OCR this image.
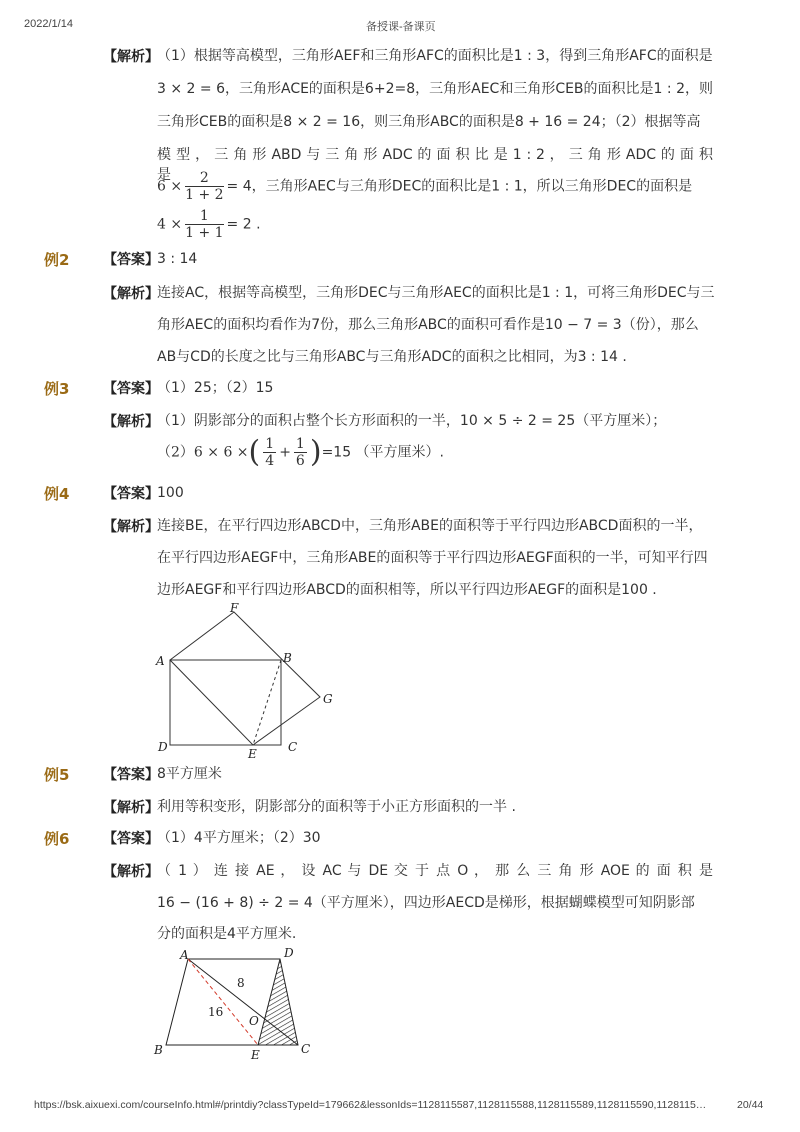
2022/1/14	备授课-备课页
【解析】
（1）根据等高模型，三角形AEF和三角形AFC的面积比是1 : 3，得到三角形AFC的面积是
3 × 2 = 6，三角形ACE的面积是6+2=8，三角形AEC和三角形CEB的面积比是1 : 2，则
三角形CEB的面积是8 × 2 = 16，则三角形ABC的面积是8 + 16 = 24；（2）根据等高
模 型 ， 三 角 形 ABD 与 三 角 形 ADC 的 面 积 比 是 1 : 2 ， 三 角 形 ADC 的 面 积 是
$6 \times \frac{2}{1 + 2} = 4$，三角形AEC与三角形DEC的面积比是1 : 1，所以三角形DEC的面积是
$4 \times \frac{1}{1 + 1} = 2$ .
例2 【答案】
3 : 14
【解析】
连接AC，根据等高模型，三角形DEC与三角形AEC的面积比是1 : 1，可将三角形DEC与三
角形AEC的面积均看作为7份，那么三角形ABC的面积可看作是10 − 7 = 3（份），那么
AB与CD的长度之比与三角形ABC与三角形ADC的面积之比相同，为3 : 14 .
例3 【答案】
（1）25；（2）15
【解析】
（1）阴影部分的面积占整个长方形面积的一半，10 × 5 ÷ 2 = 25（平方厘米）；
（2）6 × 6 ×( $\frac{1}{4} + \frac{1}{6} )=15$ （平方厘米）.
例4 【答案】
100
【解析】
连接BE，在平行四边形ABCD中，三角形ABE的面积等于平行四边形ABCD面积的一半，
在平行四边形AEGF中，三角形ABE的面积等于平行四边形AEGF面积的一半，可知平行四
边形AEGF和平行四边形ABCD的面积相等，所以平行四边形AEGF的面积是100 .
F
A	B
G
D	E	C
例5 【答案】
8平方厘米
【解析】
利用等积变形，阴影部分的面积等于小正方形面积的一半 .
例6 【答案】
（1）4平方厘米；（2）30
【解析】
（ 1 ） 连 接 AE ， 设 AC 与 DE 交 于 点 O ， 那 么 三 角 形 AOE 的 面 积 是
16 − (16 + 8) ÷ 2 = 4（平方厘米），四边形AECD是梯形，根据蝴蝶模型可知阴影部
分的面积是4平方厘米.
A	D
B	E	C
O
8
16
https://bsk.aixuexi.com/courseInfo.html#/printdiy?classTypeId=179662&lessonIds=1128115587,1128115588,1128115589,1128115590,1128115…	20/44
